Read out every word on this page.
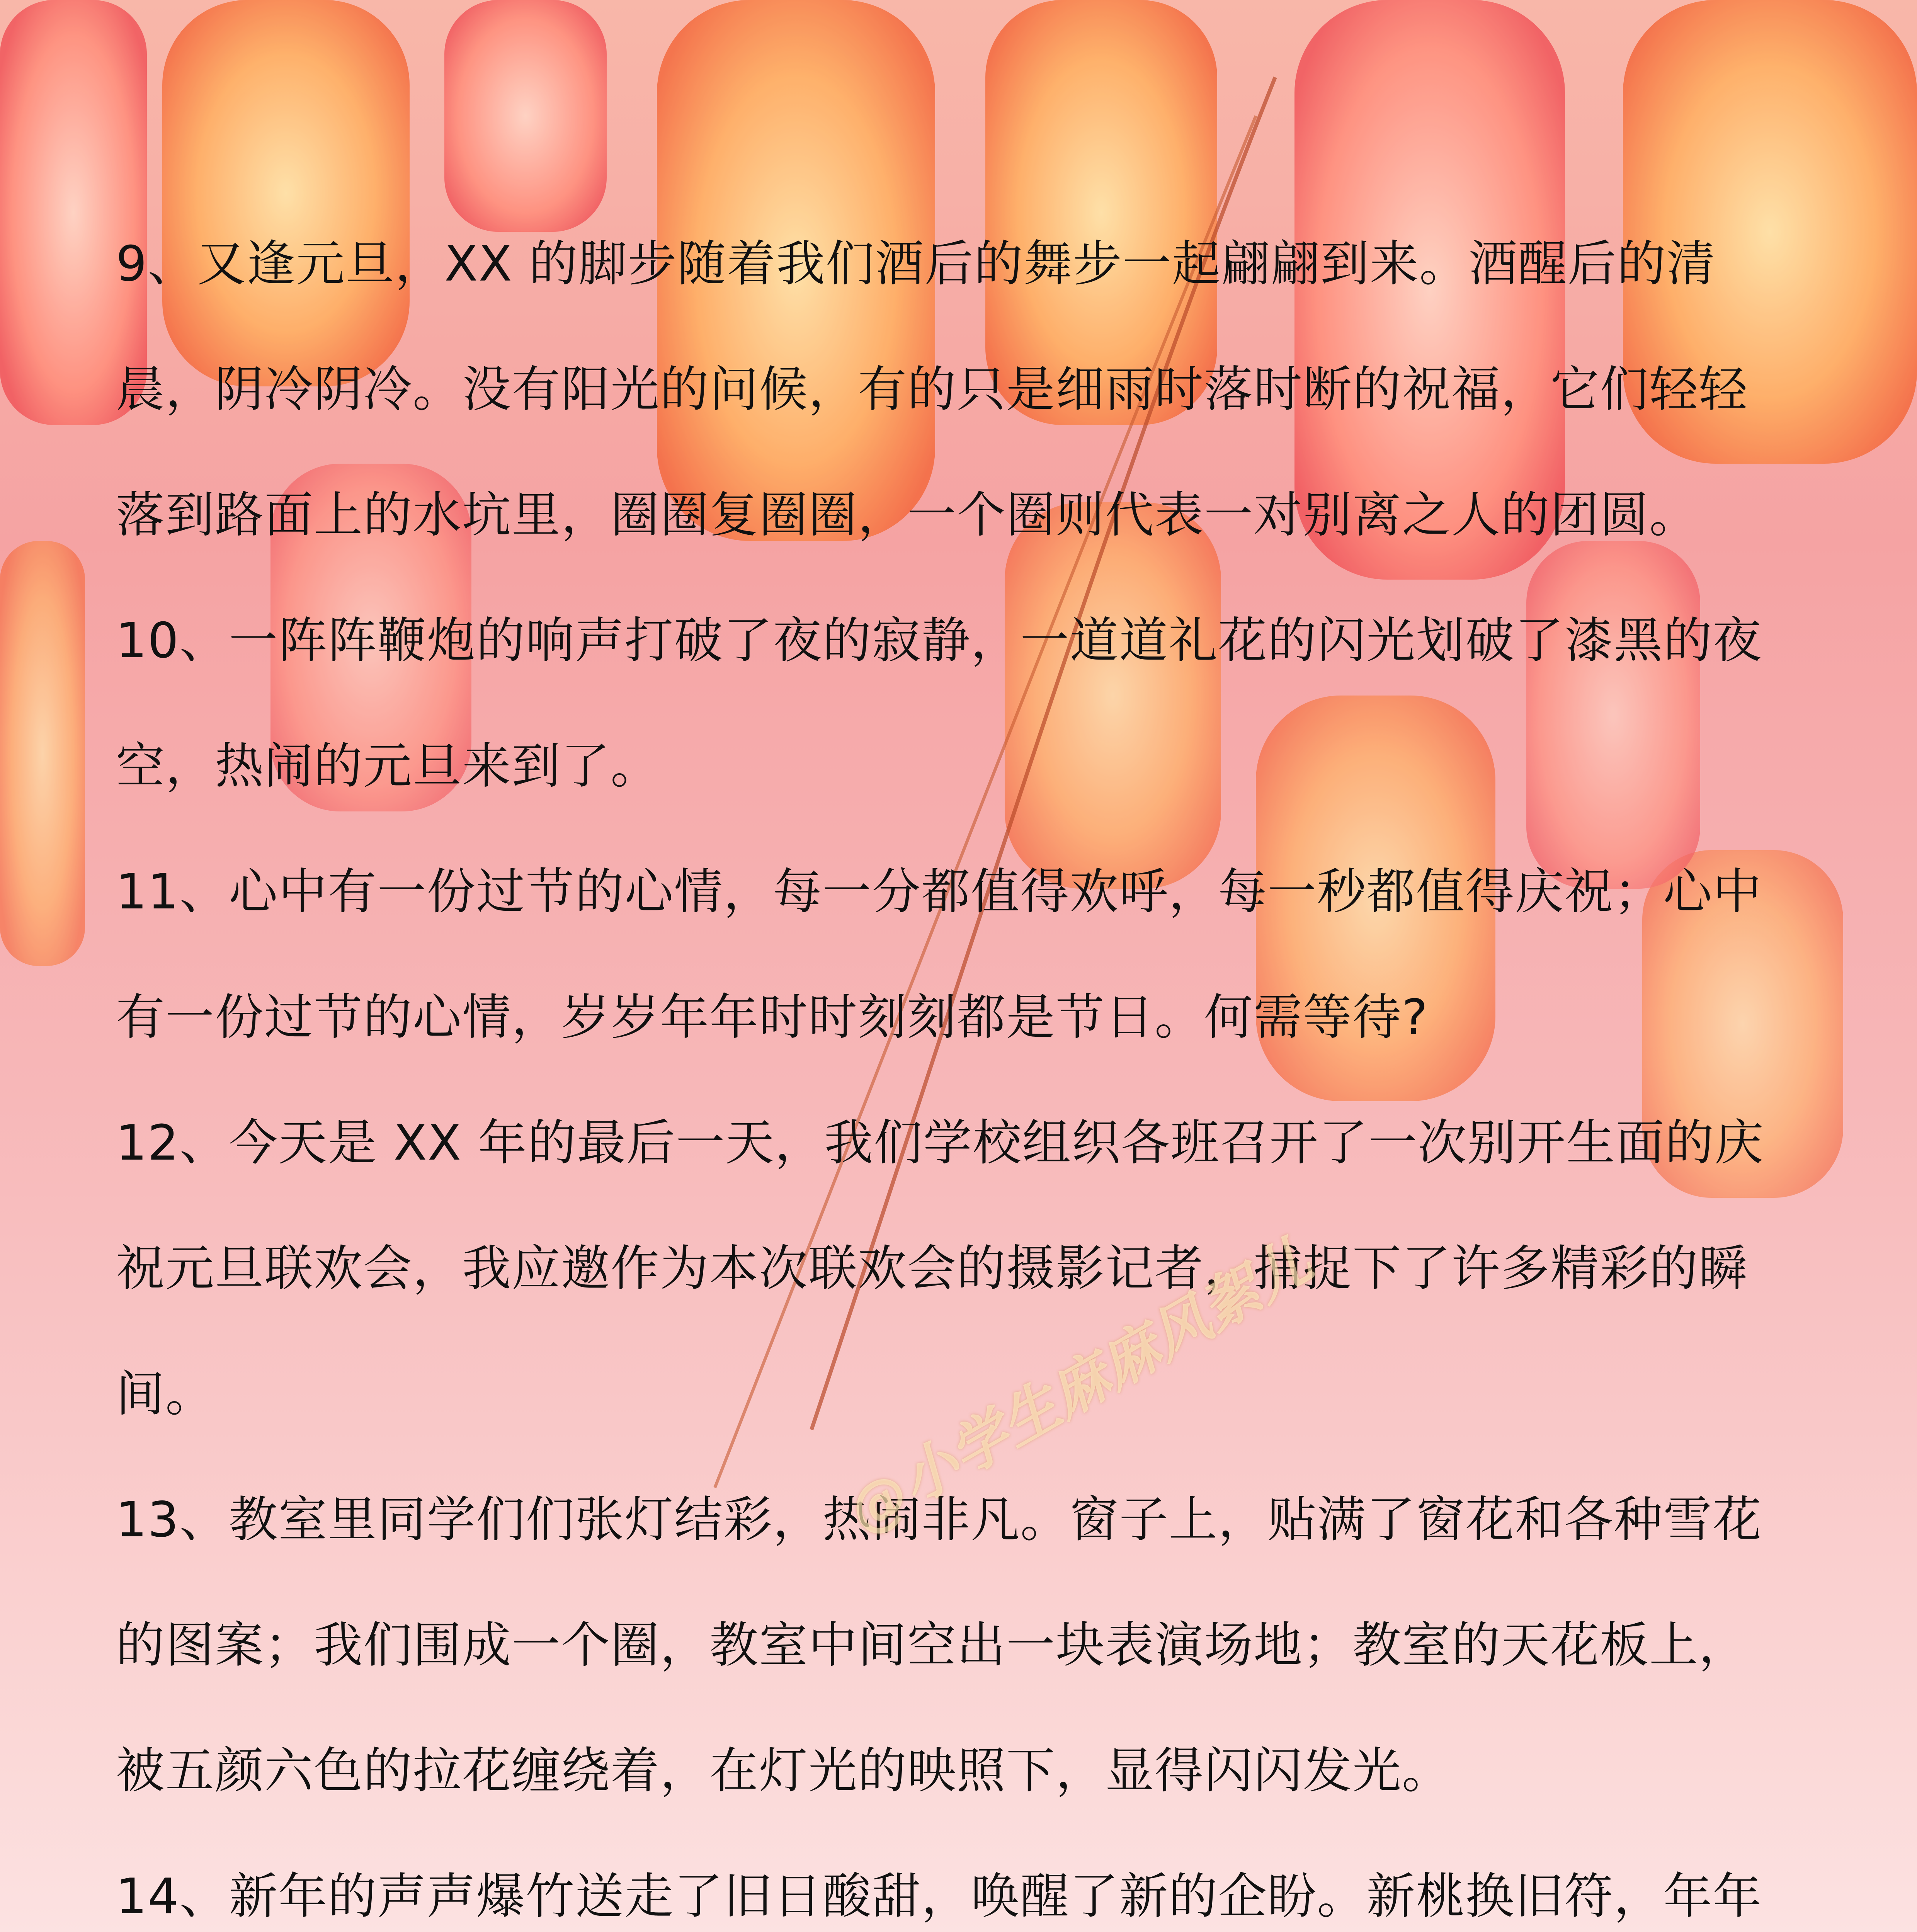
9、又逢元旦，XX 的脚步随着我们酒后的舞步一起翩翩到来。酒醒后的清晨，阴冷阴冷。没有阳光的问候，有的只是细雨时落时断的祝福，它们轻轻落到路面上的水坑里，圈圈复圈圈，一个圈则代表一对别离之人的团圆。

10、一阵阵鞭炮的响声打破了夜的寂静，一道道礼花的闪光划破了漆黑的夜空，热闹的元旦来到了。

11、心中有一份过节的心情，每一分都值得欢呼，每一秒都值得庆祝；心中有一份过节的心情，岁岁年年时时刻刻都是节日。何需等待?

12、今天是 XX 年的最后一天，我们学校组织各班召开了一次别开生面的庆祝元旦联欢会，我应邀作为本次联欢会的摄影记者，捕捉下了许多精彩的瞬间。

13、教室里同学们们张灯结彩，热闹非凡。窗子上，贴满了窗花和各种雪花的图案；我们围成一个圈，教室中间空出一块表演场地；教室的天花板上，被五颜六色的拉花缠绕着，在灯光的映照下，显得闪闪发光。

14、新年的声声爆竹送走了旧日酸甜，唤醒了新的企盼。新桃换旧符，年年

@小学生麻麻风絮儿
